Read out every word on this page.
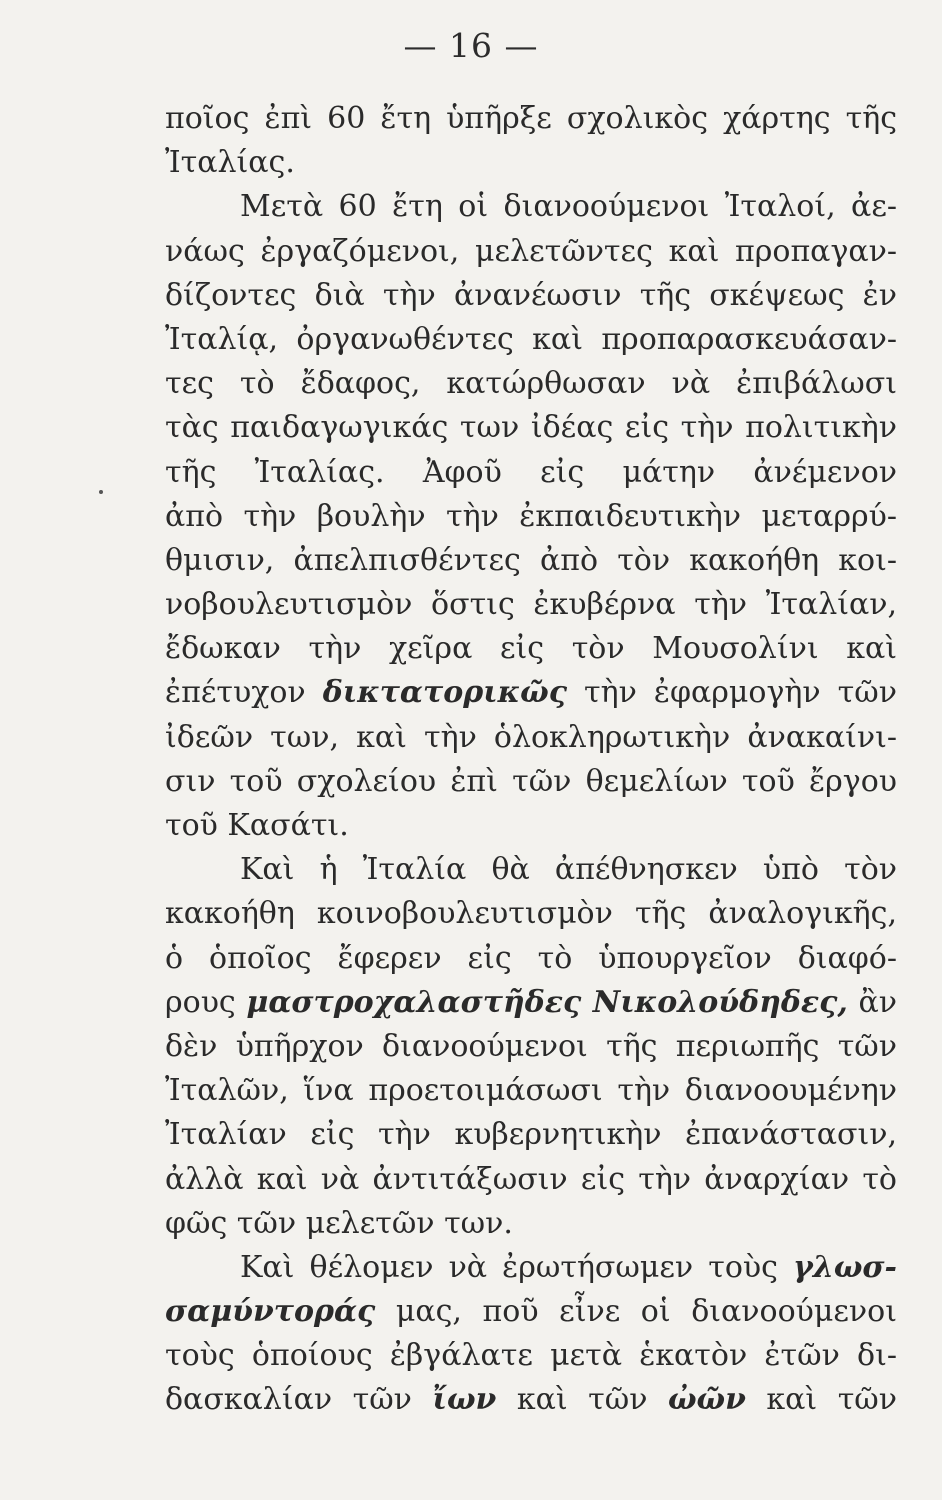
— 16 —
ποῖος ἐπὶ 60 ἔτη ὑπῆρξε σχολικὸς χάρτης τῆς
Ἰταλίας.
Μετὰ 60 ἔτη οἱ διανοούμενοι Ἰταλοί, ἀε-
νάως ἐργαζόμενοι, μελετῶντες καὶ προπαγαν-
δίζοντες διὰ τὴν ἀνανέωσιν τῆς σκέψεως ἐν
Ἰταλίᾳ, ὀργανωθέντες καὶ προπαρασκευάσαν-
τες τὸ ἔδαφος, κατώρθωσαν νὰ ἐπιβάλωσι
τὰς παιδαγωγικάς των ἰδέας εἰς τὴν πολιτικὴν
τῆς Ἰταλίας. Ἀφοῦ εἰς μάτην ἀνέμενον
ἀπὸ τὴν βουλὴν τὴν ἐκπαιδευτικὴν μεταρρύ-
θμισιν, ἀπελπισθέντες ἀπὸ τὸν κακοήθη κοι-
νοβουλευτισμὸν ὅστις ἐκυβέρνα τὴν Ἰταλίαν,
ἔδωκαν τὴν χεῖρα εἰς τὸν Μουσολίνι καὶ
ἐπέτυχον δικτατορικῶς τὴν ἐφαρμογὴν τῶν
ἰδεῶν των, καὶ τὴν ὁλοκληρωτικὴν ἀνακαίνι-
σιν τοῦ σχολείου ἐπὶ τῶν θεμελίων τοῦ ἔργου
τοῦ Κασάτι.
Καὶ ἡ Ἰταλία θὰ ἀπέθνησκεν ὑπὸ τὸν
κακοήθη κοινοβουλευτισμὸν τῆς ἀναλογικῆς,
ὁ ὁποῖος ἔφερεν εἰς τὸ ὑπουργεῖον διαφό-
ρους μαστροχαλαστῆδες Νικολούδηδες, ἂν
δὲν ὑπῆρχον διανοούμενοι τῆς περιωπῆς τῶν
Ἰταλῶν, ἵνα προετοιμάσωσι τὴν διανοουμένην
Ἰταλίαν εἰς τὴν κυβερνητικὴν ἐπανάστασιν,
ἀλλὰ καὶ νὰ ἀντιτάξωσιν εἰς τὴν ἀναρχίαν τὸ
φῶς τῶν μελετῶν των.
Καὶ θέλομεν νὰ ἐρωτήσωμεν τοὺς γλωσ-
σαμύντοράς μας, ποῦ εἶνε οἱ διανοούμενοι
τοὺς ὁποίους ἐβγάλατε μετὰ ἑκατὸν ἐτῶν δι-
δασκαλίαν τῶν ἴων καὶ τῶν ὠῶν καὶ τῶν
